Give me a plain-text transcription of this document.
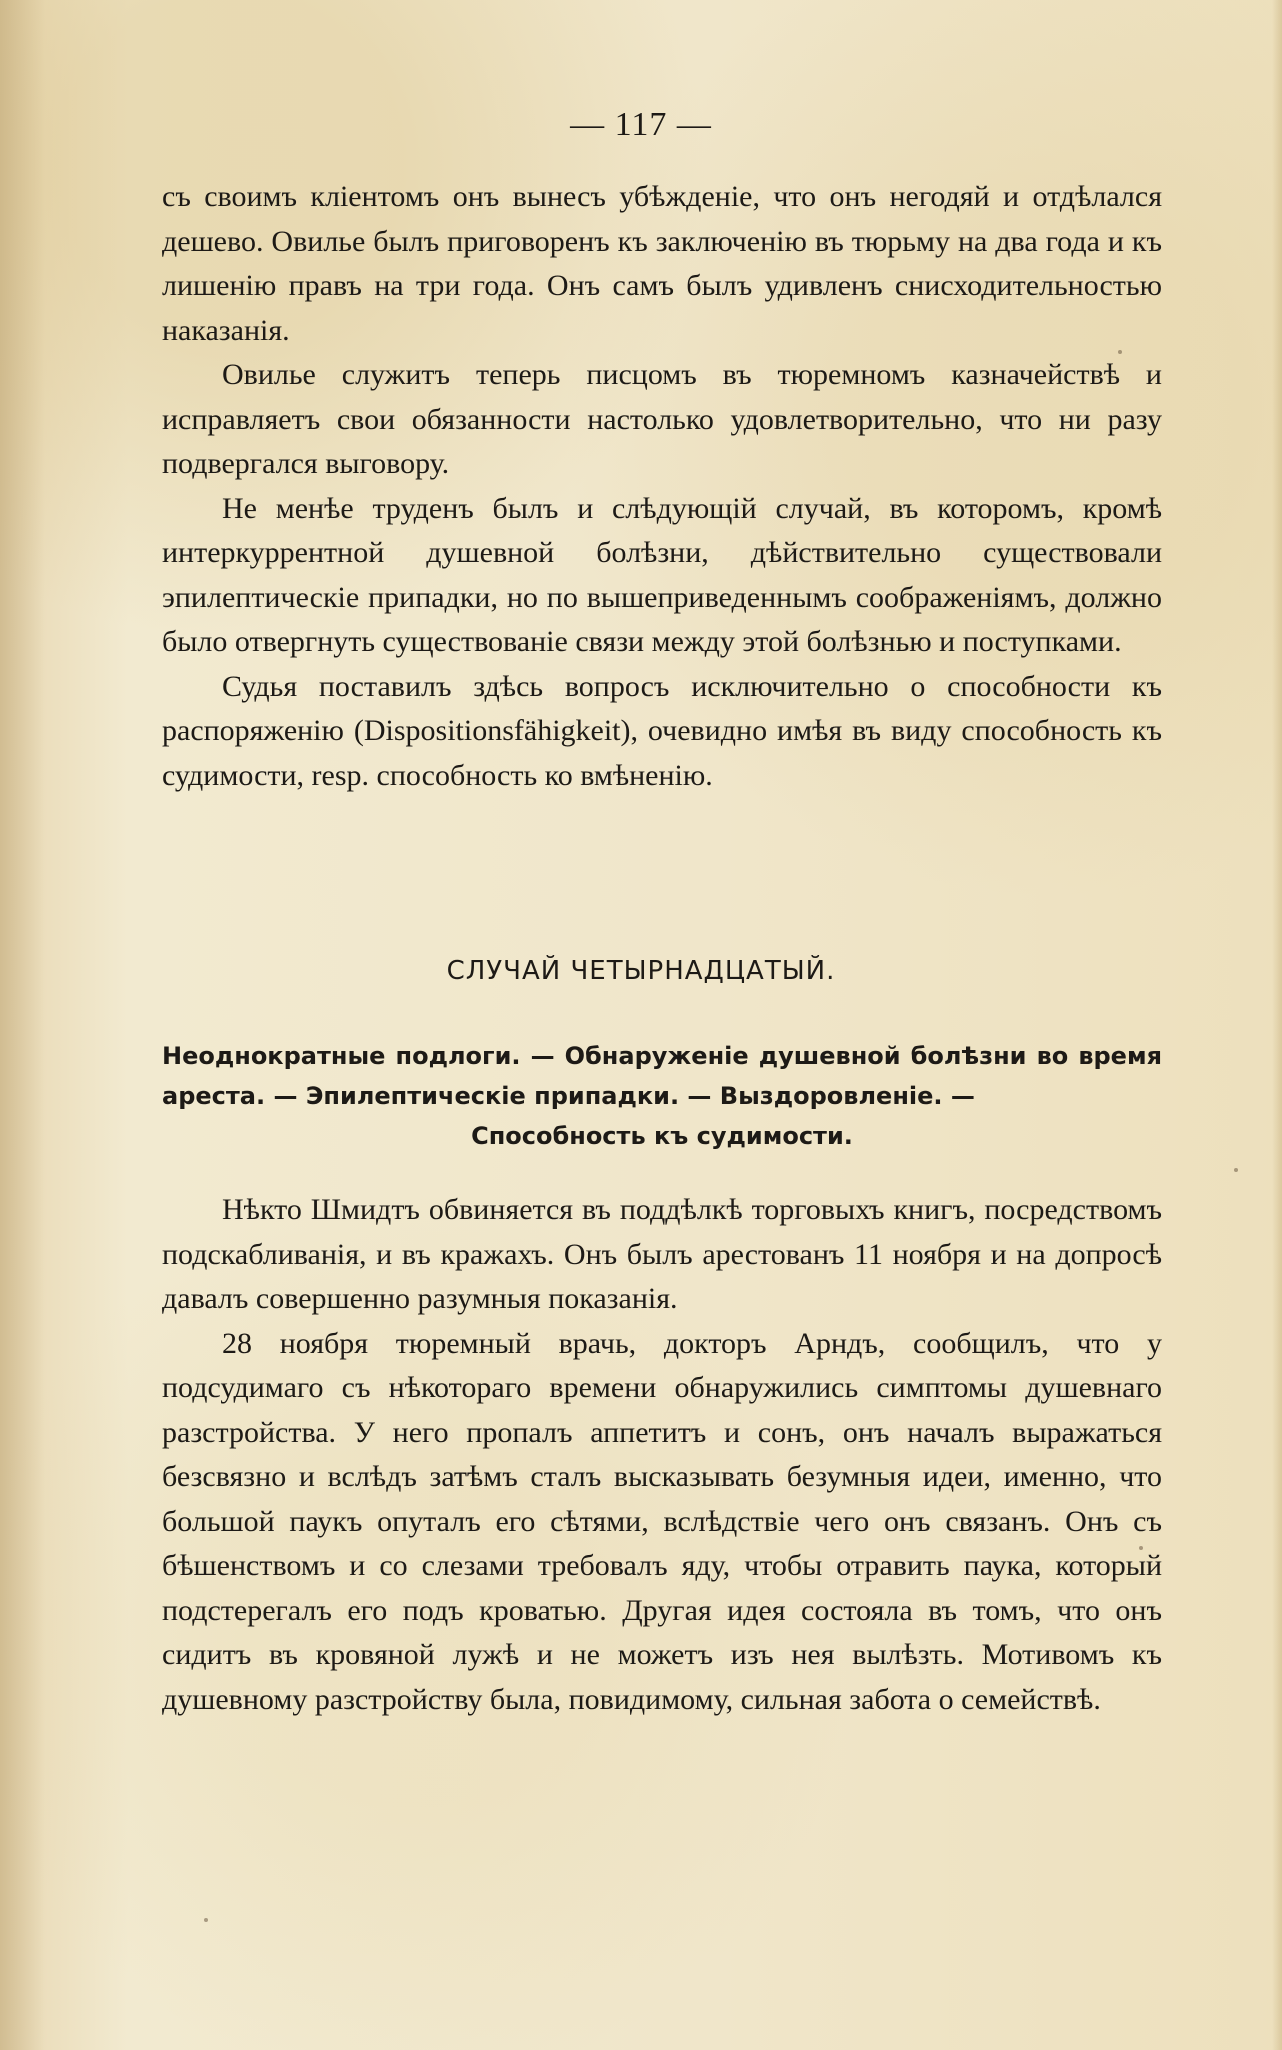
— 117 —

съ своимъ кліентомъ онъ вынесъ убѣжденіе, что онъ негодяй и отдѣлался дешево. Овилье былъ приговоренъ къ заключенію въ тюрьму на два года и къ лишенію правъ на три года. Онъ самъ былъ удивленъ снисходительностью наказанія.

Овилье служитъ теперь писцомъ въ тюремномъ казначействѣ и исправляетъ свои обязанности настолько удовлетворительно, что ни разу подвергался выговору.

Не менѣе труденъ былъ и слѣдующій случай, въ которомъ, кромѣ интеркуррентной душевной болѣзни, дѣйствительно существовали эпилептическіе припадки, но по вышеприведеннымъ соображеніямъ, должно было отвергнуть существованіе связи между этой болѣзнью и поступками.

Судья поставилъ здѣсь вопросъ исключительно о способности къ распоряженію (Dispositionsfähigkeit), очевидно имѣя въ виду способность къ судимости, resp. способность ко вмѣненію.

СЛУЧАЙ ЧЕТЫРНАДЦАТЫЙ.
Неоднократные подлоги. — Обнаруженіе душевной болѣзни во время ареста. — Эпилептическіе припадки. — Выздоровленіе. —
Способность къ судимости.

Нѣкто Шмидтъ обвиняется въ поддѣлкѣ торговыхъ книгъ, посредствомъ подскабливанія, и въ кражахъ. Онъ былъ арестованъ 11 ноября и на допросѣ давалъ совершенно разумныя показанія.

28 ноября тюремный врачь, докторъ Арндъ, сообщилъ, что у подсудимаго съ нѣкотораго времени обнаружились симптомы душевнаго разстройства. У него пропалъ аппетитъ и сонъ, онъ началъ выражаться безсвязно и вслѣдъ затѣмъ сталъ высказывать безумныя идеи, именно, что большой паукъ опуталъ его сѣтями, вслѣдствіе чего онъ связанъ. Онъ съ бѣшенствомъ и со слезами требовалъ яду, чтобы отравить паука, который подстерегалъ его подъ кроватью. Другая идея состояла въ томъ, что онъ сидитъ въ кровяной лужѣ и не можетъ изъ нея вылѣзть. Мотивомъ къ душевному разстройству была, повидимому, сильная забота о семействѣ.
